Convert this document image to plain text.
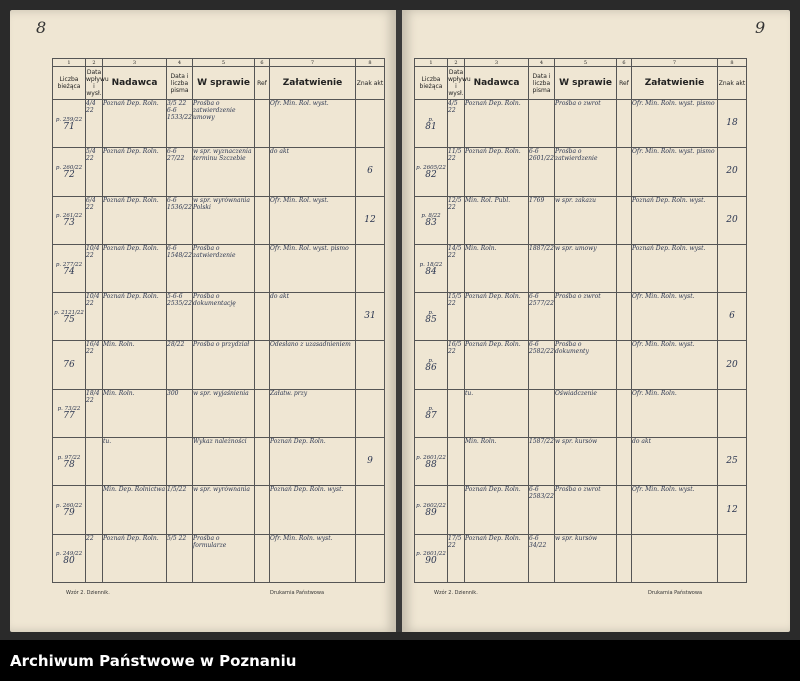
8	9
1	2	3	4	5	6	7	8
Liczba bieżąca	Data wpływu i wysł.	Nadawca	Data i liczba pisma	W sprawie	Ref	Załatwienie	Znak akt

p. 259/22
71	4/4 22	Poznań Dep. Roln.	3/5 22 6-6 1533/22	Prośba o zatwierdzenie umowy		Ofr. Min. Rol. wyst.	

p. 260/22
72	5/4 22	Poznań Dep. Roln.	6-6 27/22	w spr. wyznaczenia terminu Szczebie		do akt	6

p. 261/22
73	6/4 22	Poznań Dep. Roln.	6-6 1536/22	w spr. wyrównania Polski		Ofr. Min. Rol. wyst.	12

p. 277/22
74	10/4 22	Poznań Dep. Roln.	6-6 1548/22	Prośba o zatwierdzenie		Ofr. Min. Rol. wyst. pismo	

p. 2121/22
75	10/4 22	Poznań Dep. Roln.	5-6-6 2535/22	Prośba o dokumentację		do akt	31

76	16/4 22	Min. Roln.	28/22	Prośba o przydział		Odesłano z uzasadnieniem	

p. 73/22
77	18/4 22	Min. Roln.	300	w spr. wyjaśnienia		Załatw. przy	

p. 97/22
78		tu.		Wykaz należności		Poznań Dep. Roln.	9

p. 260/22
79		Min. Dep. Rolnictwa	1/5/22	w spr. wyrównania		Poznań Dep. Roln. wyst.	

p. 249/22
80	22	Poznań Dep. Roln.	5/5 22	Prośba o formularze		Ofr. Min. Roln. wyst.	
1	2	3	4	5	6	7	8
Liczba bieżąca	Data wpływu i wysł.	Nadawca	Data i liczba pisma	W sprawie	Ref	Załatwienie	Znak akt

p.
81	4/5 22	Poznań Dep. Roln.		Prośba o zwrot		Ofr. Min. Roln. wyst. pismo	18

p. 2605/22
82	11/5 22	Poznań Dep. Roln.	6-6 2601/22	Prośba o zatwierdzenie		Ofr. Min. Roln. wyst. pismo	20

p. 8/22
83	12/5 22	Min. Rol. Publ.	1769	w spr. zakazu		Poznań Dep. Roln. wyst.	20

p. 18/22
84	14/5 22	Min. Roln.	1887/22	w spr. umowy		Poznań Dep. Roln. wyst.	

p.
85	15/5 22	Poznań Dep. Roln.	6-6 2577/22	Prośba o zwrot		Ofr. Min. Roln. wyst.	6

p.
86	16/5 22	Poznań Dep. Roln.	6-6 2582/22	Prośba o dokumenty		Ofr. Min. Roln. wyst.	20

p.
87		tu.		Oświadczenie		Ofr. Min. Roln.	

p. 2601/22
88		Min. Roln.	1587/22	w spr. kursów		do akt	25

p. 2602/22
89		Poznań Dep. Roln.	6-6 2583/22	Prośba o zwrot		Ofr. Min. Roln. wyst.	12

p. 2601/22
90	17/5 22	Poznań Dep. Roln.	6-6 34/22	w spr. kursów			
Wzór 2. Dziennik.	Drukarnia Państwowa	Wzór 2. Dziennik.	Drukarnia Państwowa
Archiwum Państwowe w Poznaniu
